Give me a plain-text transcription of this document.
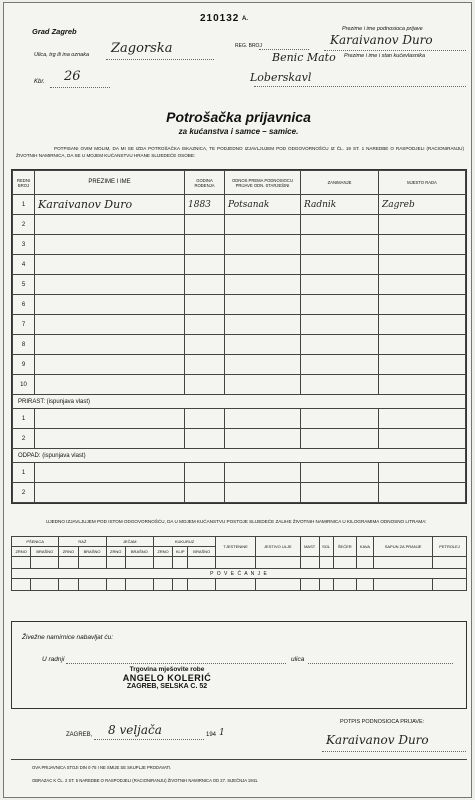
Grad Zagreb
210132 A.
Ulica, trg ili ina oznaka Zagorska
Kbr. 26
REG. BROJ
Prezime i ime podnosioca prijave
Karaivanov Duro
Prezime i ime i stan kućevlasnika
Benic Mato
Loberskavl
Potrošačka prijavnica
za kućanstva i samce – samice.
POTPISANI OVIM MOLIM, DA MI SE IZDA POTROŠAČKA ISKAZNICA, TE PODJEDNO IZJAVLJUJEM POD ODGOVORNOŠĆU IZ ČL. 19 ST. 1 NAREDBE O RASPODJELI (RACIONIRANJU) ŽIVOTNIH NAMIRNICA, DA SE U MOJEM KUĆANSTVU HRANE SLIJEDEĆE OSOBE:
REDNI BROJ	PREZIME I IME	GODINA ROĐENJA	ODNOS PREMA PODNOSIOCU PRIJAVE ODN. STARJEŠINI	ZANIMANJE	MJESTO RADA
1	Karaivanov Duro	1883	Potsanak	Radnik	Zagreb
2					
3					
4					
5					
6					
7					
8					
9					
10					
PRIRAST: (ispunjava vlast)					
1					
2					
ODPAD: (ispunjava vlast)					
1					
2					
UJEDNO IZJAVLJUJEM POD ISTOM ODGOVORNOŠĆU, DA U MOJEM KUĆANSTVU POSTOJE SLIJEDEĆE ZALIHE ŽIVOTNIH NAMIRNICA U KILOGRAMIMA ODNOSNO LITRAMA:
PŠENICA		RAŽ		JEČAM		KUKURUZ			TJESTENINE	JESTIVO ULJE	MAST	SOL	ŠEĆER	KAVA	SAPUN ZA PRANJE	PETROLEJ
ZRNO	BRAŠNO	ZRNO	BRAŠNO	ZRNO	BRAŠNO	ZRNO	KLIP	BRAŠNO								

P O V E Ć A N J E																

Živežne namirnice nabavljat ću:
U radnji	ulica
Trgovina mješovite robe
ANGELO KOLERIĆ
ZAGREB, SELSKA C. 52
ZAGREB, 8 veljača	194 1
POTPIS PODNOSIOCA PRIJAVE:
Karaivanov Duro
OVA PRIJAVNICA STOJI DIN 0·75 I NE SMIJE SE SKUPLJE PRODAVATI.
OBRAZAC K ČL. 2 ST. 5 NAREDBE O RASPODJELI (RACIONIRANJU) ŽIVOTNIH NAMIRNICA OD 27. SIJEČNJA 1941.
